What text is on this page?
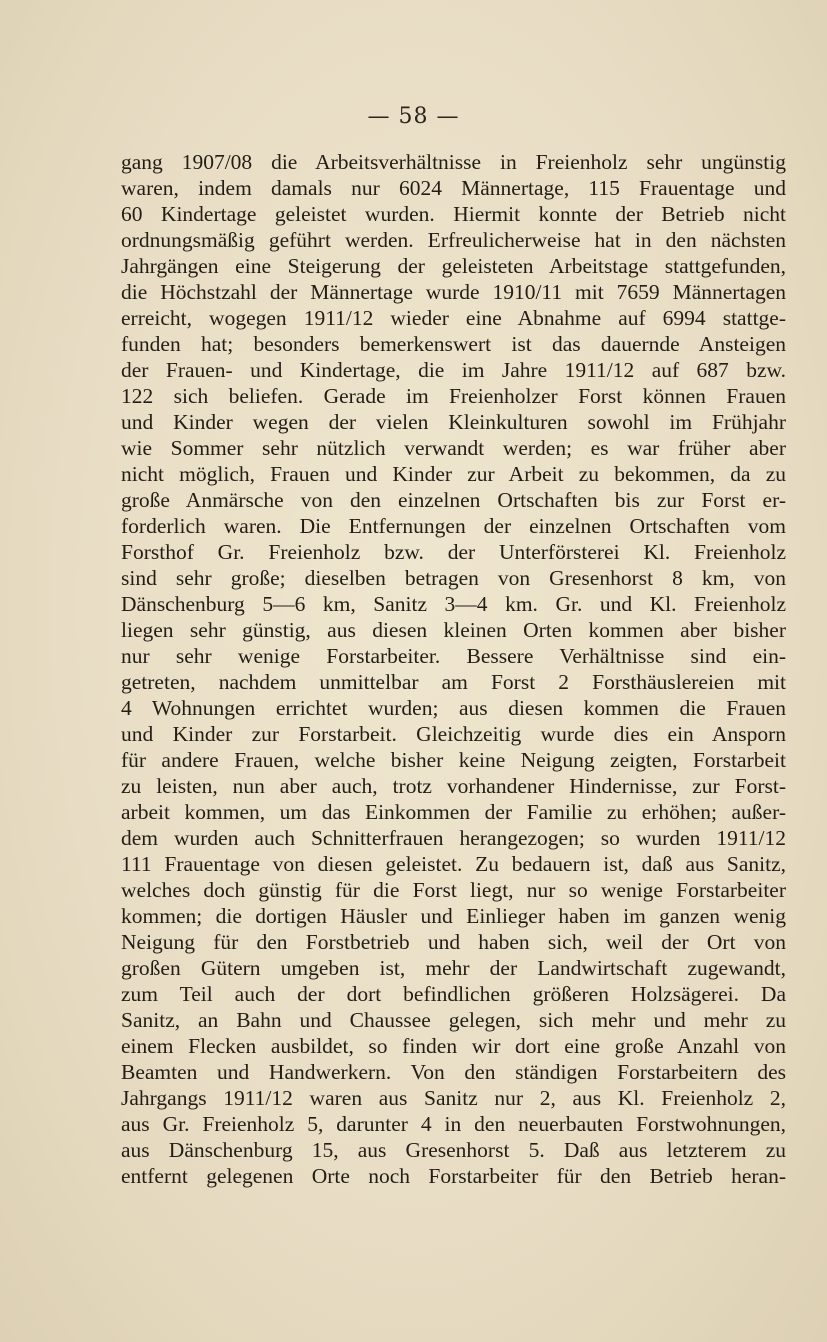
— 58 —
gang 1907/08 die Arbeitsverhältnisse in Freienholz sehr ungünstig
waren, indem damals nur 6024 Männertage, 115 Frauentage und
60 Kindertage geleistet wurden. Hiermit konnte der Betrieb nicht
ordnungsmäßig geführt werden. Erfreulicherweise hat in den nächsten
Jahrgängen eine Steigerung der geleisteten Arbeitstage stattgefunden,
die Höchstzahl der Männertage wurde 1910/11 mit 7659 Männertagen
erreicht, wogegen 1911/12 wieder eine Abnahme auf 6994 stattge-
funden hat; besonders bemerkenswert ist das dauernde Ansteigen
der Frauen- und Kindertage, die im Jahre 1911/12 auf 687 bzw.
122 sich beliefen. Gerade im Freienholzer Forst können Frauen
und Kinder wegen der vielen Kleinkulturen sowohl im Frühjahr
wie Sommer sehr nützlich verwandt werden; es war früher aber
nicht möglich, Frauen und Kinder zur Arbeit zu bekommen, da zu
große Anmärsche von den einzelnen Ortschaften bis zur Forst er-
forderlich waren. Die Entfernungen der einzelnen Ortschaften vom
Forsthof Gr. Freienholz bzw. der Unterförsterei Kl. Freienholz
sind sehr große; dieselben betragen von Gresenhorst 8 km, von
Dänschenburg 5—6 km, Sanitz 3—4 km. Gr. und Kl. Freienholz
liegen sehr günstig, aus diesen kleinen Orten kommen aber bisher
nur sehr wenige Forstarbeiter. Bessere Verhältnisse sind ein-
getreten, nachdem unmittelbar am Forst 2 Forsthäuslereien mit
4 Wohnungen errichtet wurden; aus diesen kommen die Frauen
und Kinder zur Forstarbeit. Gleichzeitig wurde dies ein Ansporn
für andere Frauen, welche bisher keine Neigung zeigten, Forstarbeit
zu leisten, nun aber auch, trotz vorhandener Hindernisse, zur Forst-
arbeit kommen, um das Einkommen der Familie zu erhöhen; außer-
dem wurden auch Schnitterfrauen herangezogen; so wurden 1911/12
111 Frauentage von diesen geleistet. Zu bedauern ist, daß aus Sanitz,
welches doch günstig für die Forst liegt, nur so wenige Forstarbeiter
kommen; die dortigen Häusler und Einlieger haben im ganzen wenig
Neigung für den Forstbetrieb und haben sich, weil der Ort von
großen Gütern umgeben ist, mehr der Landwirtschaft zugewandt,
zum Teil auch der dort befindlichen größeren Holzsägerei. Da
Sanitz, an Bahn und Chaussee gelegen, sich mehr und mehr zu
einem Flecken ausbildet, so finden wir dort eine große Anzahl von
Beamten und Handwerkern. Von den ständigen Forstarbeitern des
Jahrgangs 1911/12 waren aus Sanitz nur 2, aus Kl. Freienholz 2,
aus Gr. Freienholz 5, darunter 4 in den neuerbauten Forstwohnungen,
aus Dänschenburg 15, aus Gresenhorst 5. Daß aus letzterem zu
entfernt gelegenen Orte noch Forstarbeiter für den Betrieb heran-
